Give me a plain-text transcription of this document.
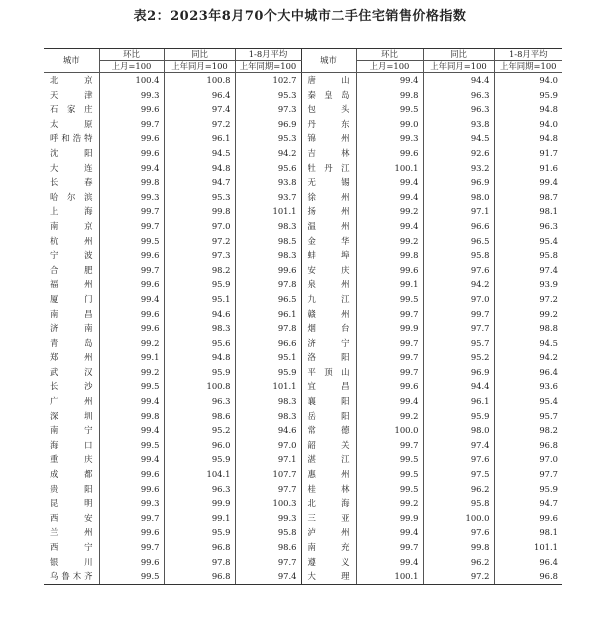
表2：2023年8月70个大中城市二手住宅销售价格指数
城市	环比	同比	1-8月平均	城市	环比	同比	1-8月平均
	上月=100	上年同月=100	上年同期=100		上月=100	上年同月=100	上年同期=100
北　京	100.4	100.8	102.7	唐　山	99.4	94.4	94.0
天　津	99.3	96.4	95.3	秦皇岛	99.8	96.3	95.9
石家庄	99.6	97.4	97.3	包　头	99.5	96.3	94.8
太　原	99.7	97.2	96.9	丹　东	99.0	93.8	94.0
呼和浩特	99.6	96.1	95.3	锦　州	99.3	94.5	94.8
沈　阳	99.6	94.5	94.2	吉　林	99.6	92.6	91.7
大　连	99.4	94.8	95.6	牡丹江	100.1	93.2	91.6
长　春	99.8	94.7	93.8	无　锡	99.4	96.9	99.4
哈尔滨	99.3	95.3	93.7	徐　州	99.4	98.0	98.7
上　海	99.7	99.8	101.1	扬　州	99.2	97.1	98.1
南　京	99.7	97.0	98.3	温　州	99.4	96.6	96.3
杭　州	99.5	97.2	98.5	金　华	99.2	96.5	95.4
宁　波	99.6	97.3	98.3	蚌　埠	99.8	95.8	95.8
合　肥	99.7	98.2	99.6	安　庆	99.6	97.6	97.4
福　州	99.6	95.9	97.8	泉　州	99.1	94.2	93.9
厦　门	99.4	95.1	96.5	九　江	99.5	97.0	97.2
南　昌	99.6	94.6	96.1	赣　州	99.7	99.7	99.2
济　南	99.6	98.3	97.8	烟　台	99.9	97.7	98.8
青　岛	99.2	95.6	96.6	济　宁	99.7	95.7	94.5
郑　州	99.1	94.8	95.1	洛　阳	99.7	95.2	94.2
武　汉	99.2	95.9	95.9	平顶山	99.7	96.9	96.4
长　沙	99.5	100.8	101.1	宜　昌	99.6	94.4	93.6
广　州	99.4	96.3	98.3	襄　阳	99.4	96.1	95.4
深　圳	99.8	98.6	98.3	岳　阳	99.2	95.9	95.7
南　宁	99.4	95.2	94.6	常　德	100.0	98.0	98.2
海　口	99.5	96.0	97.0	韶　关	99.7	97.4	96.8
重　庆	99.4	95.9	97.1	湛　江	99.5	97.6	97.0
成　都	99.6	104.1	107.7	惠　州	99.5	97.5	97.7
贵　阳	99.6	96.3	97.7	桂　林	99.5	96.2	95.9
昆　明	99.3	99.9	100.3	北　海	99.2	95.8	94.7
西　安	99.7	99.1	99.3	三　亚	99.9	100.0	99.6
兰　州	99.6	95.9	95.8	泸　州	99.4	97.6	98.1
西　宁	99.7	96.8	98.6	南　充	99.7	99.8	101.1
银　川	99.6	97.8	97.7	遵　义	99.4	96.2	96.4
乌鲁木齐	99.5	96.8	97.4	大　理	100.1	97.2	96.8
